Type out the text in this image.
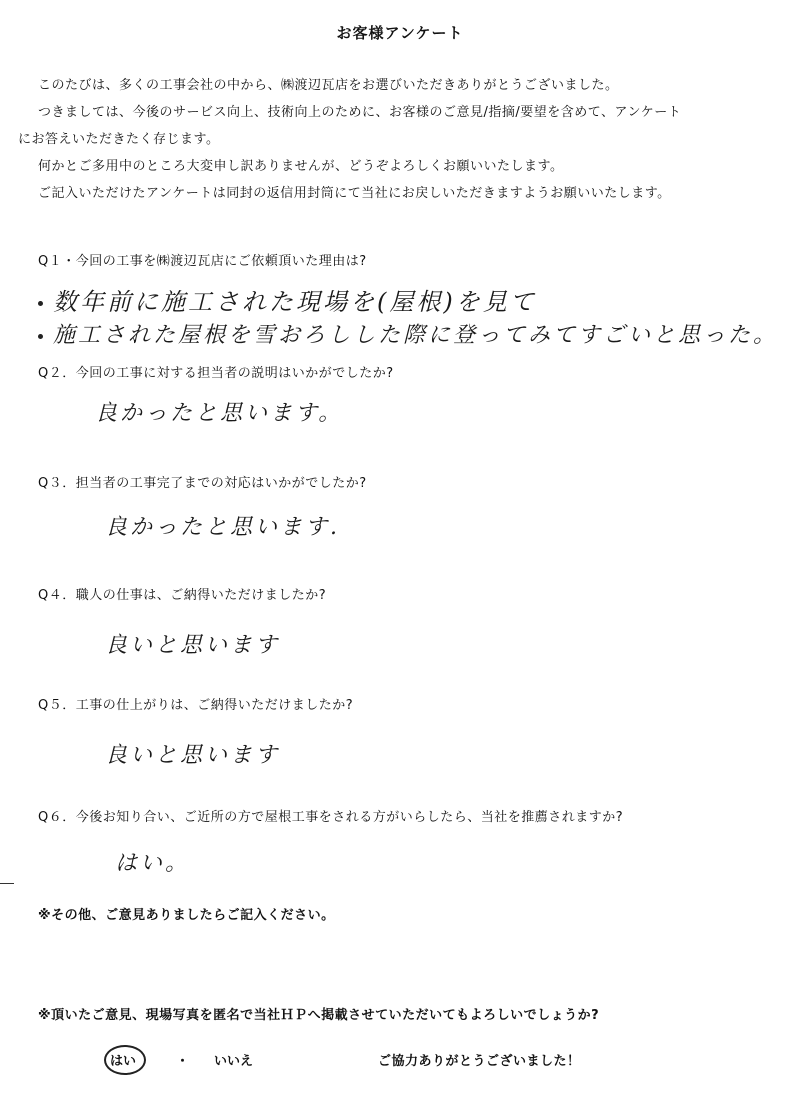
お客様アンケート
このたびは、多くの工事会社の中から、㈱渡辺瓦店をお選びいただきありがとうございました。
つきましては、今後のサービス向上、技術向上のために、お客様のご意見/指摘/要望を含めて、アンケート
にお答えいただきたく存じます。
何かとご多用中のところ大変申し訳ありませんが、どうぞよろしくお願いいたします。
ご記入いただけたアンケートは同封の返信用封筒にて当社にお戻しいただきますようお願いいたします。
Q１・今回の工事を㈱渡辺瓦店にご依頼頂いた理由は?
数年前に施工された現場を(屋根)を見て
施工された屋根を雪おろしした際に登ってみてすごいと思った。
Q２．今回の工事に対する担当者の説明はいかがでしたか?
良かったと思います。
Q３．担当者の工事完了までの対応はいかがでしたか?
良かったと思います.
Q４．職人の仕事は、ご納得いただけましたか?
良いと思います
Q５．工事の仕上がりは、ご納得いただけましたか?
良いと思います
Q６．今後お知り合い、ご近所の方で屋根工事をされる方がいらしたら、当社を推薦されますか?
はい。
※その他、ご意見ありましたらご記入ください。
※頂いたご意見、現場写真を匿名で当社ＨＰへ掲載させていただいてもよろしいでしょうか?
はい	・ いいえ	ご協力ありがとうございました！
